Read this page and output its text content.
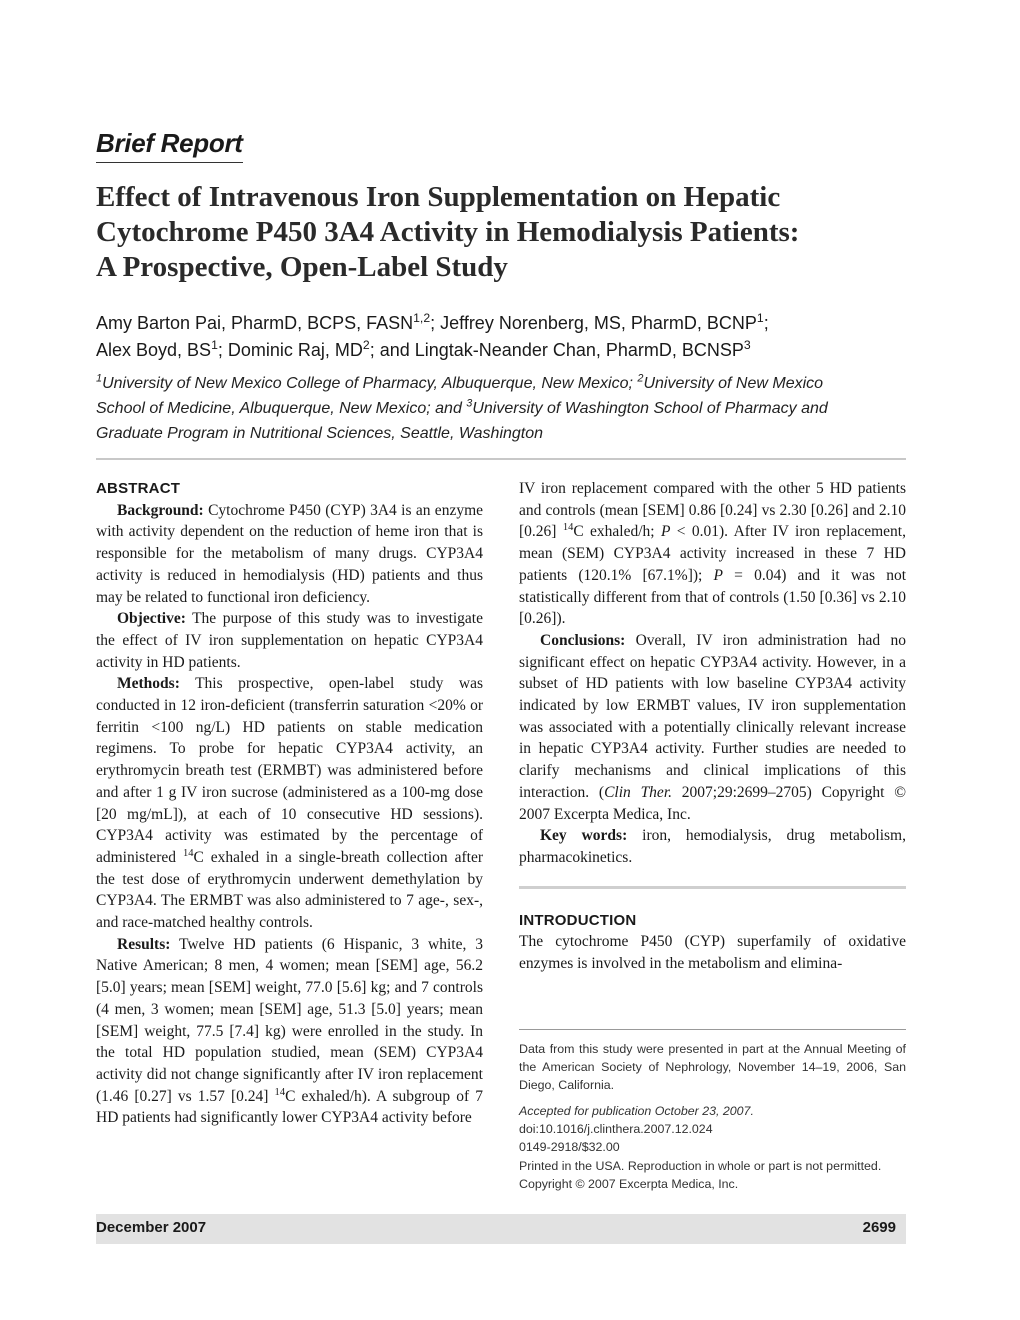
Brief Report
Effect of Intravenous Iron Supplementation on Hepatic
Cytochrome P450 3A4 Activity in Hemodialysis Patients:
A Prospective, Open-Label Study
Amy Barton Pai, PharmD, BCPS, FASN$^{1,2}$; Jeffrey Norenberg, MS, PharmD, BCNP$^1$;
Alex Boyd, $BS^1$; Dominic Raj, $MD^2$; and Lingtak-Neander Chan, PharmD, BCNSP$^3$
$^1$University of New Mexico College of Pharmacy, Albuquerque, New Mexico; $^2$University of New Mexico
School of Medicine, Albuquerque, New Mexico; and $^3$University of Washington School of Pharmacy and
Graduate Program in Nutritional Sciences, Seattle, Washington
ABSTRACT

Background: Cytochrome P450 (CYP) 3A4 is an enzyme with activity dependent on the reduction of heme iron that is responsible for the metabolism of many drugs. CYP3A4 activity is reduced in hemodialysis (HD) patients and thus may be related to functional iron deficiency.

Objective: The purpose of this study was to investigate the effect of IV iron supplementation on hepatic CYP3A4 activity in HD patients.

Methods: This prospective, open-label study was conducted in 12 iron-deficient (transferrin saturation <20% or ferritin <100 ng/L) HD patients on stable medication regimens. To probe for hepatic CYP3A4 activity, an erythromycin breath test (ERMBT) was administered before and after 1 g IV iron sucrose (administered as a 100-mg dose [20 mg/mL]), at each of 10 consecutive HD sessions). CYP3A4 activity was estimated by the percentage of administered $^{14}$C exhaled in a single-breath collection after the test dose of erythromycin underwent demethylation by CYP3A4. The ERMBT was also administered to 7 age-, sex-, and race-matched healthy controls.

Results: Twelve HD patients (6 Hispanic, 3 white, 3 Native American; 8 men, 4 women; mean [SEM] age, 56.2 [5.0] years; mean [SEM] weight, 77.0 [5.6] kg; and 7 controls (4 men, 3 women; mean [SEM] age, 51.3 [5.0] years; mean [SEM] weight, 77.5 [7.4] kg) were enrolled in the study. In the total HD population studied, mean (SEM) CYP3A4 activity did not change significantly after IV iron replacement (1.46 [0.27] vs 1.57 [0.24] $^{14}$C exhaled/h). A subgroup of 7 HD patients had significantly lower CYP3A4 activity before

IV iron replacement compared with the other 5 HD patients and controls (mean [SEM] 0.86 [0.24] vs 2.30 [0.26] and 2.10 [0.26] $^{14}$C exhaled/h; P < 0.01). After IV iron replacement, mean (SEM) CYP3A4 activity increased in these 7 HD patients (120.1% [67.1%]); P = 0.04) and it was not statistically different from that of controls (1.50 [0.36] vs 2.10 [0.26]).

Conclusions: Overall, IV iron administration had no significant effect on hepatic CYP3A4 activity. However, in a subset of HD patients with low baseline CYP3A4 activity indicated by low ERMBT values, IV iron supplementation was associated with a potentially clinically relevant increase in hepatic CYP3A4 activity. Further studies are needed to clarify mechanisms and clinical implications of this interaction. (Clin Ther. 2007;29:2699–2705) Copyright © 2007 Excerpta Medica, Inc.

Key words: iron, hemodialysis, drug metabolism, pharmacokinetics.

INTRODUCTION

The cytochrome P450 (CYP) superfamily of oxidative enzymes is involved in the metabolism and elimina-

Data from this study were presented in part at the Annual Meeting of the American Society of Nephrology, November 14–19, 2006, San Diego, California.

Accepted for publication October 23, 2007.

doi:10.1016/j.clinthera.2007.12.024

0149-2918/$32.00

Printed in the USA. Reproduction in whole or part is not permitted.

Copyright © 2007 Excerpta Medica, Inc.

December 2007	2699
